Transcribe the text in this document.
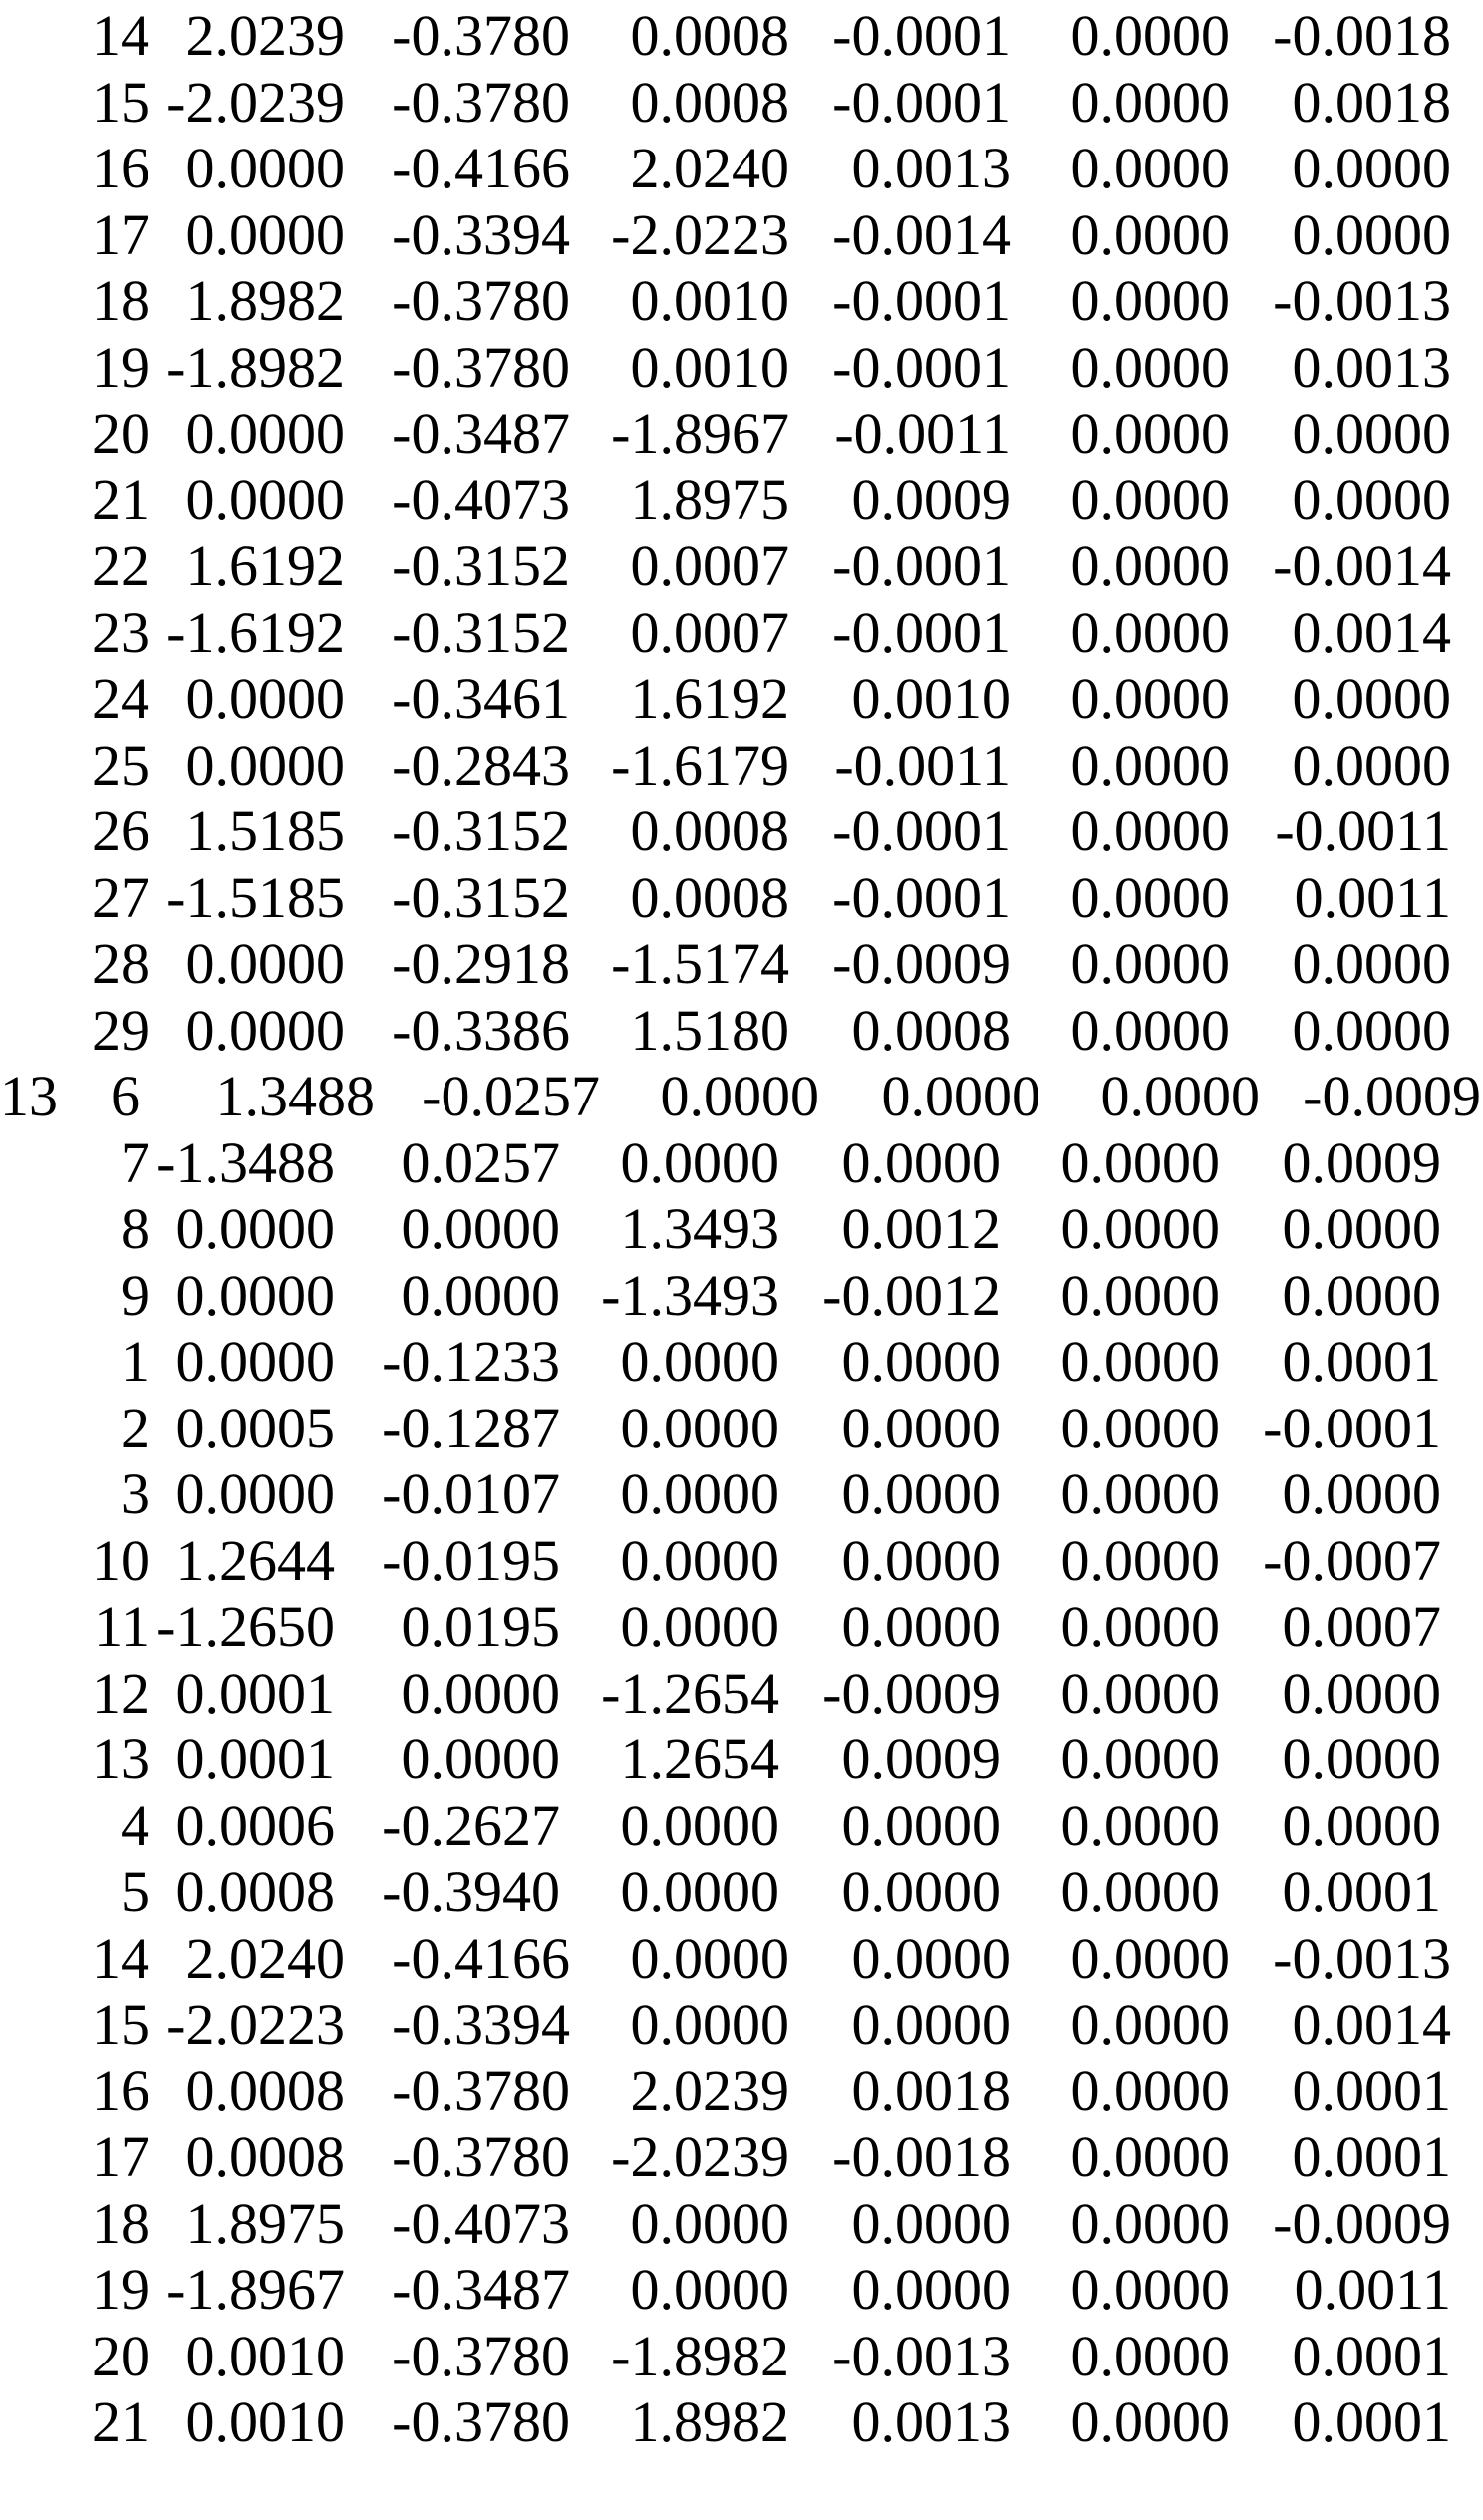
14 2.0239 -0.3780	0.0008 -0.0001	0.0000 -0.0018
15 -2.0239 -0.3780	0.0008 -0.0001	0.0000	0.0018
16 0.0000 -0.4166	2.0240	0.0013	0.0000	0.0000
17 0.0000 -0.3394 -2.0223 -0.0014	0.0000	0.0000
18 1.8982 -0.3780	0.0010 -0.0001	0.0000 -0.0013
19 -1.8982 -0.3780	0.0010 -0.0001	0.0000	0.0013
20 0.0000 -0.3487 -1.8967 -0.0011	0.0000	0.0000
21 0.0000 -0.4073	1.8975	0.0009	0.0000	0.0000
22 1.6192 -0.3152	0.0007 -0.0001	0.0000 -0.0014
23 -1.6192 -0.3152	0.0007 -0.0001	0.0000	0.0014
24 0.0000 -0.3461	1.6192	0.0010	0.0000	0.0000
25 0.0000 -0.2843 -1.6179 -0.0011	0.0000	0.0000
26 1.5185 -0.3152	0.0008 -0.0001	0.0000 -0.0011
27 -1.5185 -0.3152	0.0008 -0.0001	0.0000	0.0011
28 0.0000 -0.2918 -1.5174 -0.0009	0.0000	0.0000
29 0.0000 -0.3386	1.5180	0.0008	0.0000	0.0000
13 6	1.3488 -0.0257	0.0000	0.0000	0.0000 -0.0009
7 -1.3488	0.0257	0.0000	0.0000	0.0000	0.0009
8 0.0000	0.0000	1.3493	0.0012	0.0000	0.0000
9 0.0000	0.0000 -1.3493 -0.0012	0.0000	0.0000
1 0.0000 -0.1233	0.0000	0.0000	0.0000	0.0001
2 0.0005 -0.1287	0.0000	0.0000	0.0000 -0.0001
3 0.0000 -0.0107	0.0000	0.0000	0.0000	0.0000
10 1.2644 -0.0195	0.0000	0.0000	0.0000 -0.0007
11 -1.2650	0.0195	0.0000	0.0000	0.0000	0.0007
12 0.0001	0.0000 -1.2654 -0.0009	0.0000	0.0000
13 0.0001	0.0000	1.2654	0.0009	0.0000	0.0000
4 0.0006 -0.2627	0.0000	0.0000	0.0000	0.0000
5 0.0008 -0.3940	0.0000	0.0000	0.0000	0.0001
14 2.0240 -0.4166	0.0000	0.0000	0.0000 -0.0013
15 -2.0223 -0.3394	0.0000	0.0000	0.0000	0.0014
16 0.0008 -0.3780	2.0239	0.0018	0.0000	0.0001
17 0.0008 -0.3780 -2.0239 -0.0018	0.0000	0.0001
18 1.8975 -0.4073	0.0000	0.0000	0.0000 -0.0009
19 -1.8967 -0.3487	0.0000	0.0000	0.0000	0.0011
20 0.0010 -0.3780 -1.8982 -0.0013	0.0000	0.0001
21 0.0010 -0.3780	1.8982	0.0013	0.0000	0.0001
